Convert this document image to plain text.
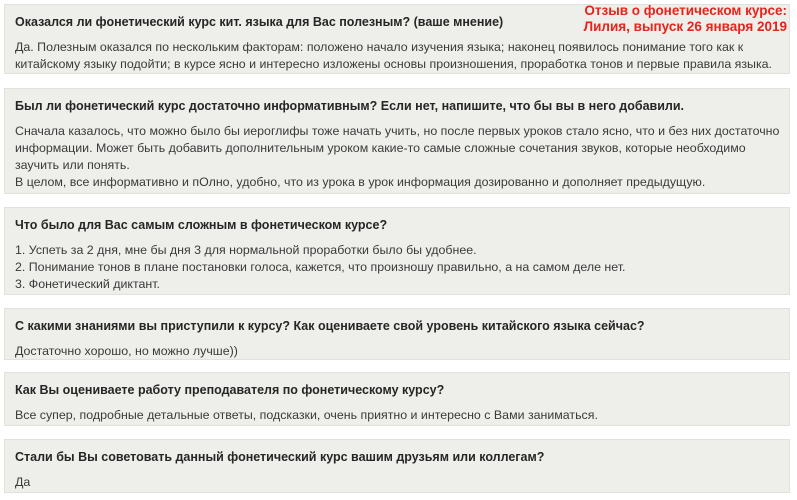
Оказался ли фонетический курс кит. языка для Вас полезным? (ваше мнение)

Да. Полезным оказался по нескольким факторам: положено начало изучения языка; наконец появилось понимание того как к

китайскому языку подойти; в курсе ясно и интересно изложены основы произношения, проработка тонов и первые правила языка.

Был ли фонетический курс достаточно информативным? Если нет, напишите, что бы вы в него добавили.

Сначала казалось, что можно было бы иероглифы тоже начать учить, но после первых уроков стало ясно, что и без них достаточно

информации. Может быть добавить дополнительным уроком какие-то самые сложные сочетания звуков, которые необходимо

заучить или понять.

В целом, все информативно и пОлно, удобно, что из урока в урок информация дозированно и дополняет предыдущую.

Что было для Вас самым сложным в фонетическом курсе?

1. Успеть за 2 дня, мне бы дня 3 для нормальной проработки было бы удобнее.

2. Понимание тонов в плане постановки голоса, кажется, что произношу правильно, а на самом деле нет.

3. Фонетический диктант.

С какими знаниями вы приступили к курсу? Как оцениваете свой уровень китайского языка сейчас?

Достаточно хорошо, но можно лучше))

Как Вы оцениваете работу преподавателя по фонетическому курсу?

Все супер, подробные детальные ответы, подсказки, очень приятно и интересно с Вами заниматься.

Стали бы Вы советовать данный фонетический курс вашим друзьям или коллегам?

Да

Отзыв о фонетическом курсе:
Лилия, выпуск 26 января 2019
